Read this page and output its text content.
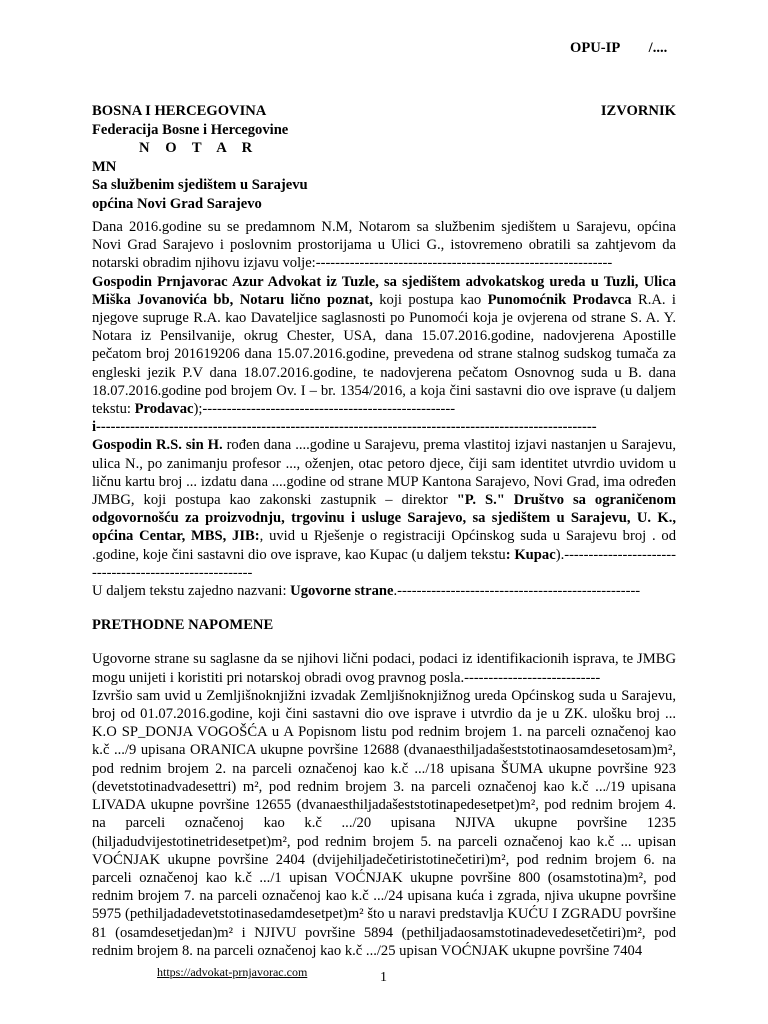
OPU-IP        /....
BOSNA I HERCEGOVINA	IZVORNIK
Federacija Bosne i Hercegovine
N O T A R
MN
Sa službenim sjedištem u Sarajevu
općina Novi Grad Sarajevo

Dana 2016.godine su se predamnom N.M, Notarom sa službenim sjedištem u Sarajevu, općina Novi Grad Sarajevo i poslovnim prostorijama u Ulici G., istovremeno obratili sa zahtjevom da notarski obradim njihovu izjavu volje:-------------------------------------------------------------

Gospodin Prnjavorac Azur Advokat iz Tuzle, sa sjedištem advokatskog ureda u Tuzli, Ulica Miška Jovanovića bb, Notaru lično poznat, koji postupa kao Punomoćnik Prodavca R.A. i njegove supruge R.A. kao Davateljice saglasnosti po Punomoći koja je ovjerena od strane S. A. Y. Notara iz Pensilvanije, okrug Chester, USA, dana 15.07.2016.godine, nadovjerena Apostille pečatom broj 201619206 dana 15.07.2016.godine, prevedena od strane stalnog sudskog tumača za engleski jezik P.V dana 18.07.2016.godine, te nadovjerena pečatom Osnovnog suda u B. dana 18.07.2016.godine pod brojem Ov. I – br. 1354/2016, a koja čini sastavni dio ove isprave (u daljem tekstu: Prodavac);----------------------------------------------------

i-------------------------------------------------------------------------------------------------------

Gospodin R.S. sin H. rođen dana ....godine u Sarajevu, prema vlastitoj izjavi nastanjen u Sarajevu, ulica N., po zanimanju profesor ..., oženjen, otac petoro djece, čiji sam identitet utvrdio uvidom u ličnu kartu broj ... izdatu dana ....godine od strane MUP Kantona Sarajevo, Novi Grad, ima određen JMBG, koji postupa kao zakonski zastupnik – direktor "P. S." Društvo sa ograničenom odgovornošću za proizvodnju, trgovinu i usluge Sarajevo, sa sjedištem u Sarajevu, U. K., općina Centar, MBS, JIB:, uvid u Rješenje o registraciji Općinskog suda u Sarajevu broj . od .godine, koje čini sastavni dio ove isprave, kao Kupac (u daljem tekstu: Kupac).--------------------------------------------------------

U daljem tekstu zajedno nazvani: Ugovorne strane.--------------------------------------------------

PRETHODNE NAPOMENE

Ugovorne strane su saglasne da se njihovi lični podaci, podaci iz identifikacionih isprava, te JMBG mogu unijeti i koristiti pri notarskoj obradi ovog pravnog posla.----------------------------

Izvršio sam uvid u Zemljišnoknjižni izvadak Zemljišnoknjižnog ureda Općinskog suda u Sarajevu, broj od 01.07.2016.godine, koji čini sastavni dio ove isprave i utvrdio da je u ZK. ulošku broj ... K.O SP_DONJA VOGOŠĆA u A Popisnom listu pod rednim brojem 1. na parceli označenoj kao k.č .../9 upisana ORANICA ukupne površine 12688 (dvanaesthiljadašeststotinaosamdesetosam)m², pod rednim brojem 2. na parceli označenoj kao k.č .../18 upisana ŠUMA ukupne površine 923 (devetstotinadvadesettri) m², pod rednim brojem 3. na parceli označenoj kao k.č .../19 upisana LIVADA ukupne površine 12655 (dvanaesthiljadašeststotinapedesetpet)m², pod rednim brojem 4. na parceli označenoj kao k.č .../20 upisana NJIVA ukupne površine 1235 (hiljadudvijestotinetridesetpet)m², pod rednim brojem 5. na parceli označenoj kao k.č ... upisan VOĆNJAK ukupne površine 2404 (dvijehiljadečetiristotinečetiri)m², pod rednim brojem 6. na parceli označenoj kao k.č .../1 upisan VOĆNJAK ukupne površine 800 (osamstotina)m², pod rednim brojem 7. na parceli označenoj kao k.č .../24 upisana kuća i zgrada, njiva ukupne površine 5975 (pethiljadadevetstotinasedamdesetpet)m² što u naravi predstavlja KUĆU I ZGRADU površine 81 (osamdesetjedan)m² i NJIVU površine 5894 (pethiljadaosamstotinadevedesetčetiri)m², pod rednim brojem 8. na parceli označenoj kao k.č .../25 upisan VOĆNJAK ukupne površine 7404

https://advokat-prnjavorac.com	1
